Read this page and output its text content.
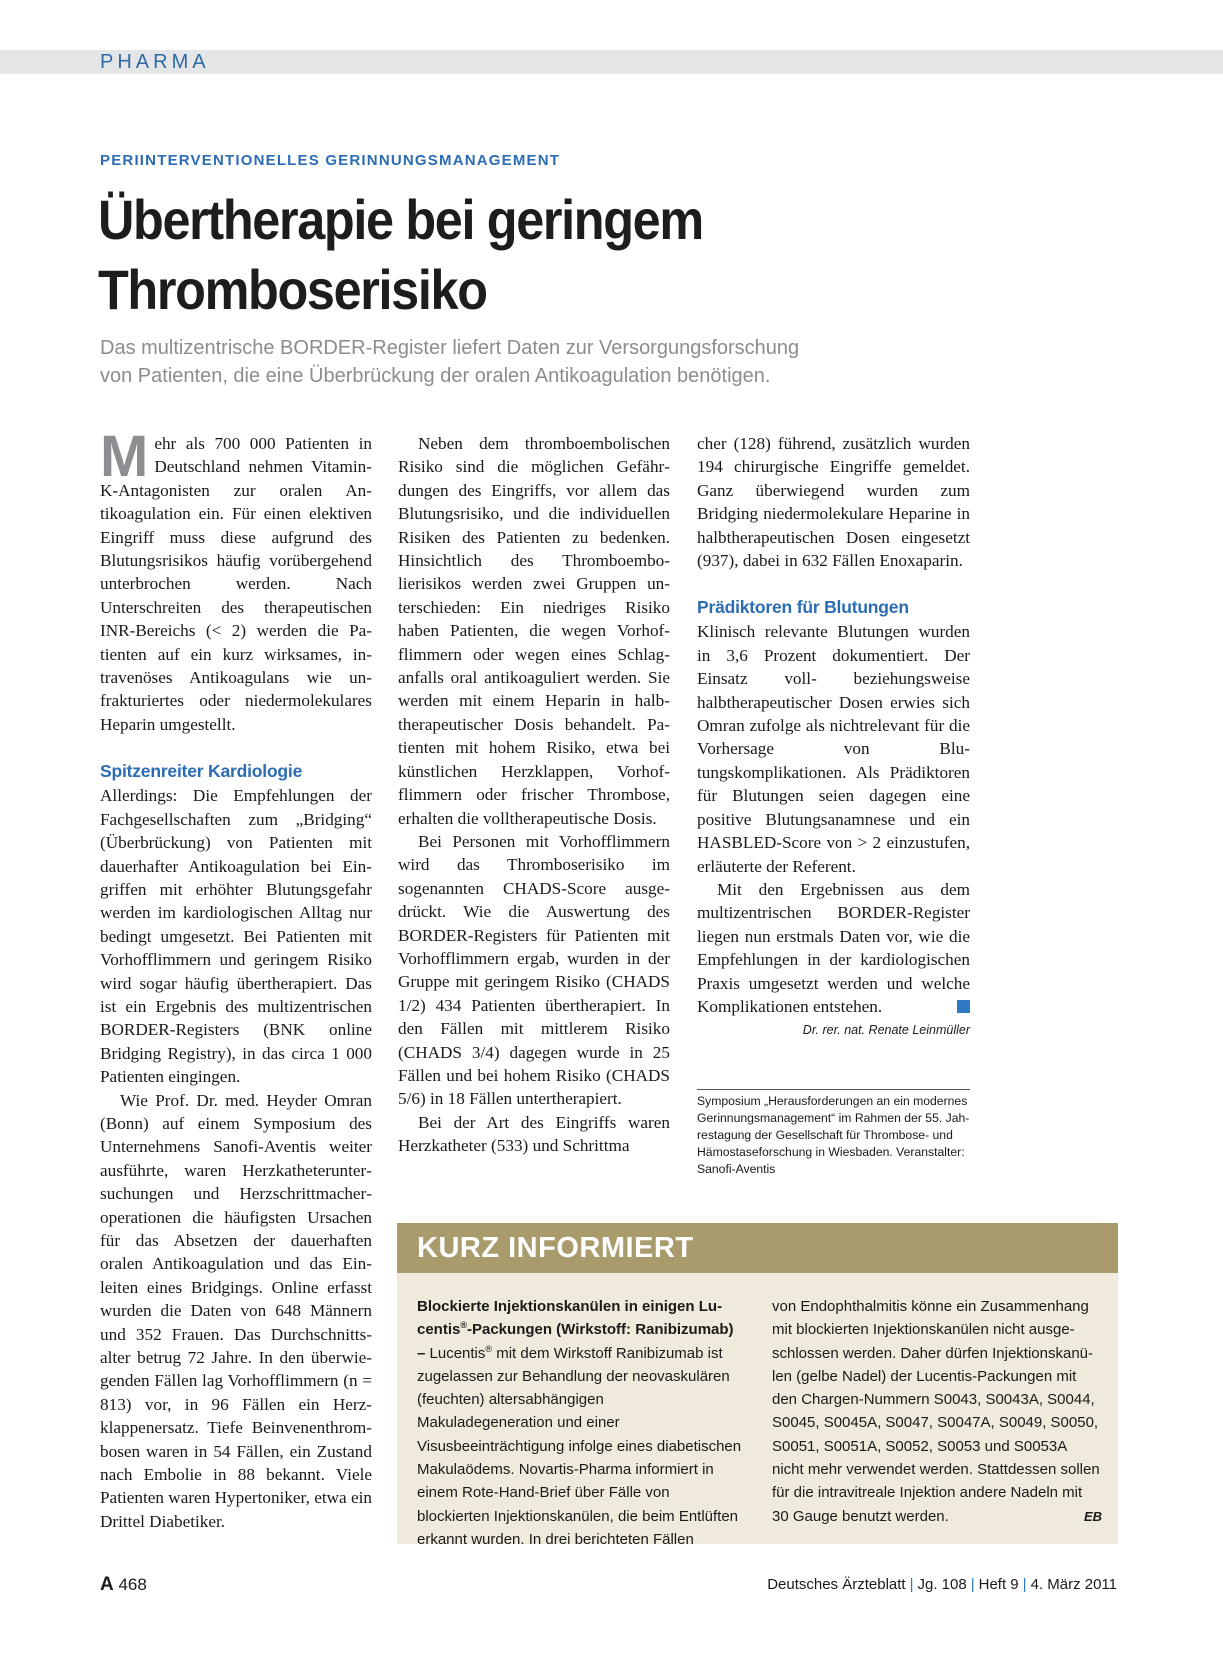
PHARMA
PERIINTERVENTIONELLES GERINNUNGSMANAGEMENT
Übertherapie bei geringem
Thromboserisiko
Das multizentrische BORDER-Register liefert Daten zur Versorgungsforschung
von Patienten, die eine Überbrückung der oralen Antikoagulation benötigen.

Mehr als 700 000 Patienten in Deutschland nehmen Vitamin-K-Antagonisten zur oralen Antikoagulation ein. Für einen elektiven Eingriff muss diese aufgrund des Blutungsrisikos häufig vorübergehend unterbrochen werden. Nach Unterschreiten des therapeutischen INR-Bereichs (< 2) werden die Patienten auf ein kurz wirksames, intravenöses Antikoagulans wie unfrakturiertes oder niedermolekulares Heparin umgestellt.

Spitzenreiter Kardiologie

Allerdings: Die Empfehlungen der Fachgesellschaften zum „Bridging“ (Überbrückung) von Patienten mit dauerhafter Antikoagulation bei Eingriffen mit erhöhter Blutungsgefahr werden im kardiologischen Alltag nur bedingt umgesetzt. Bei Patienten mit Vorhofflimmern und geringem Risiko wird sogar häufig übertherapiert. Das ist ein Ergebnis des multizentrischen BORDER-Registers (BNK online Bridging Registry), in das circa 1 000 Patienten eingingen.

Wie Prof. Dr. med. Heyder Omran (Bonn) auf einem Symposium des Unternehmens Sanofi-Aventis weiter ausführte, waren Herzkatheteruntersuchungen und Herzschrittmacheroperationen die häufigsten Ursachen für das Absetzen der dauerhaften oralen Antikoagulation und das Einleiten eines Bridgings. Online erfasst wurden die Daten von 648 Männern und 352 Frauen. Das Durchschnittsalter betrug 72 Jahre. In den überwiegenden Fällen lag Vorhofflimmern (n = 813) vor, in 96 Fällen ein Herzklappenersatz. Tiefe Beinvenenthrombosen waren in 54 Fällen, ein Zustand nach Embolie in 88 bekannt. Viele Patienten waren Hypertoniker, etwa ein Drittel Diabetiker.

Neben dem thromboembolischen Risiko sind die möglichen Gefährdungen des Eingriffs, vor allem das Blutungsrisiko, und die individuellen Risiken des Patienten zu bedenken. Hinsichtlich des Thromboembolierisikos werden zwei Gruppen unterschieden: Ein niedriges Risiko haben Patienten, die wegen Vorhofflimmern oder wegen eines Schlaganfalls oral antikoaguliert werden. Sie werden mit einem Heparin in halbtherapeutischer Dosis behandelt. Patienten mit hohem Risiko, etwa bei künstlichen Herzklappen, Vorhofflimmern oder frischer Thrombose, erhalten die volltherapeutische Dosis.

Bei Personen mit Vorhofflimmern wird das Thromboserisiko im sogenannten CHADS-Score ausgedrückt. Wie die Auswertung des BORDER-Registers für Patienten mit Vorhofflimmern ergab, wurden in der Gruppe mit geringem Risiko (CHADS 1/2) 434 Patienten übertherapiert. In den Fällen mit mittlerem Risiko (CHADS 3/4) dagegen wurde in 25 Fällen und bei hohem Risiko (CHADS 5/6) in 18 Fällen untertherapiert.

Bei der Art des Eingriffs waren Herzkatheter (533) und Schrittma

cher (128) führend, zusätzlich wurden 194 chirurgische Eingriffe gemeldet. Ganz überwiegend wurden zum Bridging niedermolekulare Heparine in halbtherapeutischen Dosen eingesetzt (937), dabei in 632 Fällen Enoxaparin.

Prädiktoren für Blutungen

Klinisch relevante Blutungen wurden in 3,6 Prozent dokumentiert. Der Einsatz voll- beziehungsweise halbtherapeutischer Dosen erwies sich Omran zufolge als nichtrelevant für die Vorhersage von Blutungskomplikationen. Als Prädiktoren für Blutungen seien dagegen eine positive Blutungsanamnese und ein HASBLED-Score von > 2 einzustufen, erläuterte der Referent.

Mit den Ergebnissen aus dem multizentrischen BORDER-Register liegen nun erstmals Daten vor, wie die Empfehlungen in der kardiologischen Praxis umgesetzt werden und welche Komplikationen entstehen.

Dr. rer. nat. Renate Leinmüller
Symposium „Herausforderungen an ein modernes Gerinnungsmanagement“ im Rahmen der 55. Jahrestagung der Gesellschaft für Thrombose- und Hämostaseforschung in Wiesbaden. Veranstalter: Sanofi-Aventis
KURZ INFORMIERT
Blockierte Injektionskanülen in einigen Lucentis®-Packungen (Wirkstoff: Ranibizumab) – Lucentis® mit dem Wirkstoff Ranibizumab ist zugelassen zur Behandlung der neovaskulären (feuchten) altersabhängigen Makuladegeneration und einer Visusbeeinträchtigung infolge eines diabetischen Makulaödems. Novartis-Pharma informiert in einem Rote-Hand-Brief über Fälle von blockierten Injektionskanülen, die beim Entlüften erkannt wurden. In drei berichteten Fällen
von Endophthalmitis könne ein Zusammenhang mit blockierten Injektionskanülen nicht ausgeschlossen werden. Daher dürfen Injektionskanülen (gelbe Nadel) der Lucentis-Packungen mit den Chargen-Nummern S0043, S0043A, S0044, S0045, S0045A, S0047, S0047A, S0049, S0050, S0051, S0051A, S0052, S0053 und S0053A nicht mehr verwendet werden. Stattdessen sollen für die intravitreale Injektion andere Nadeln mit 30 Gauge benutzt werden.	EB
A 468	Deutsches Ärzteblatt | Jg. 108 | Heft 9 | 4. März 2011
